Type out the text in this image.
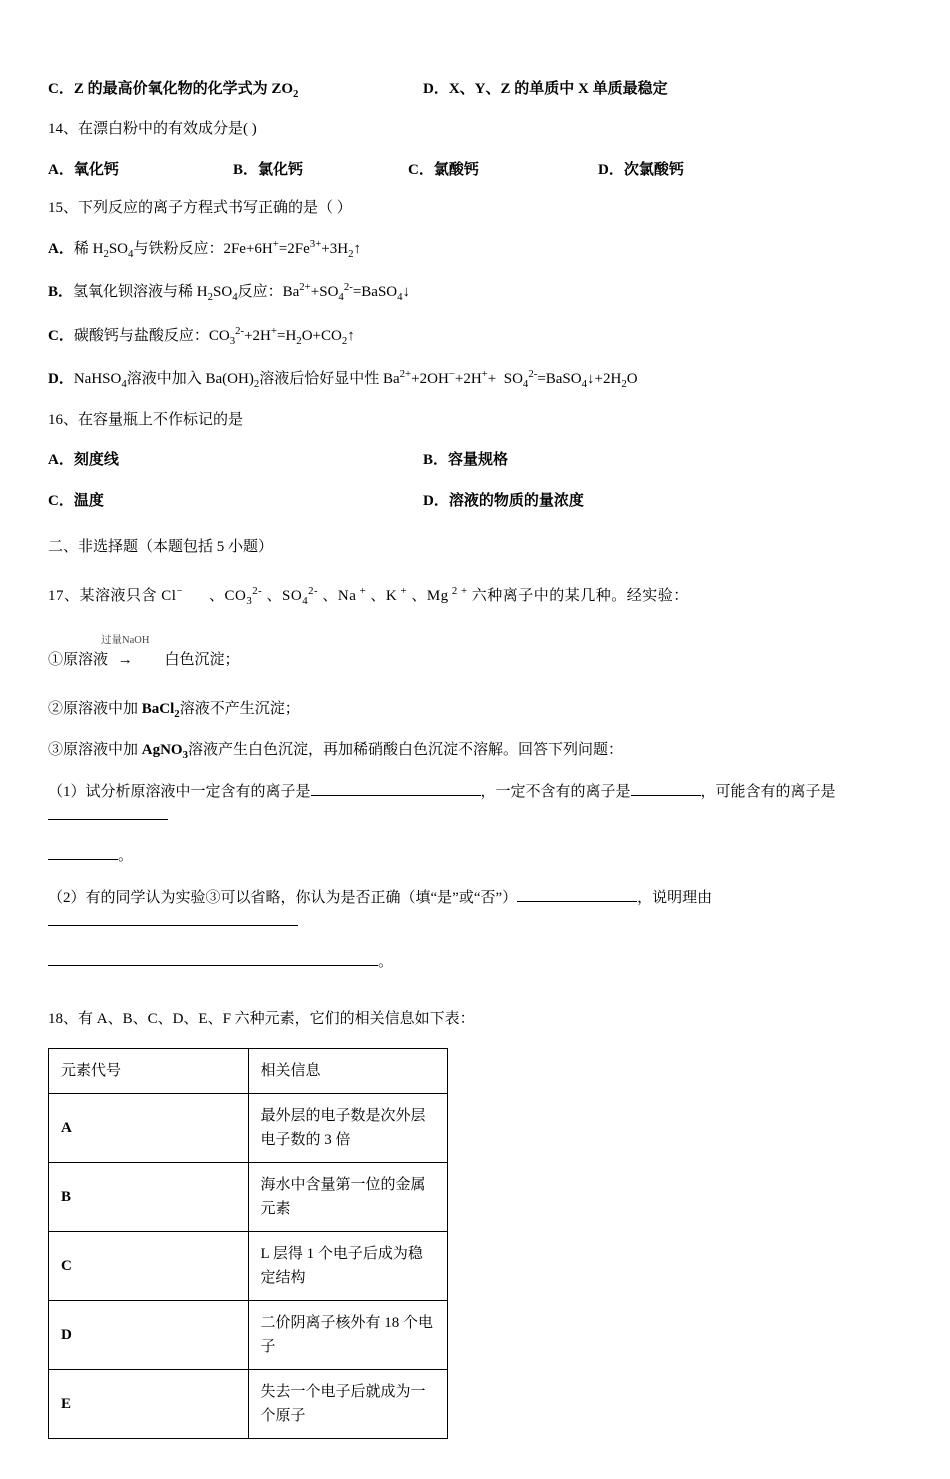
C．Z 的最高价氧化物的化学式为 $ZO_2$	D．X、Y、Z 的单质中 X 单质最稳定
14、在漂白粉中的有效成分是( )
A．氧化钙	B．氯化钙	C．氯酸钙	D．次氯酸钙
15、下列反应的离子方程式书写正确的是（ ）
A．稀 $H_2SO_4$与铁粉反应：$2Fe+6H^+=2Fe^{3+}+3H_2↑$
B．氢氧化钡溶液与稀 $H_2SO_4$反应：$Ba^{2+}+SO_4^{2-}=BaSO_4↓$
C．碳酸钙与盐酸反应：$CO_3^{2-}+2H^+=H_2O+CO_2↑$
D．NaHSO$_4$溶液中加入 $Ba(OH)_2$溶液后恰好显中性 $Ba^{2+}+2OH^-+2H^++$  $SO_4^{2-}=BaSO_4↓+2H_2O$
16、在容量瓶上不作标记的是
A．刻度线	B．容量规格
C．温度	D．溶液的物质的量浓度
二、非选择题（本题包括 5 小题）
17、某溶液只含 Cl− 、$CO_3^{2-}$ 、$SO_4^{2-}$ 、Na + 、K + 、Mg $^{2 +}$ 六种离子中的某几种。经实验：
①原溶液
过量NaOH
→ 白色沉淀；
②原溶液中加 BaCl$_2$溶液不产生沉淀；
③原溶液中加 AgNO$_3$溶液产生白色沉淀，再加稀硝酸白色沉淀不溶解。回答下列问题：
（1）试分析原溶液中一定含有的离子是	，一定不含有的离子是	，可能含有的离子是
。
（2）有的同学认为实验③可以省略，你认为是否正确（填“是”或“否”）	，说明理由
。
18、有 A、B、C、D、E、F 六种元素，它们的相关信息如下表：
元素代号	相关信息
A	最外层的电子数是次外层电子数的 3 倍
B	海水中含量第一位的金属元素
C	L 层得 1 个电子后成为稳定结构
D	二价阴离子核外有 18 个电子
E	失去一个电子后就成为一个原子
